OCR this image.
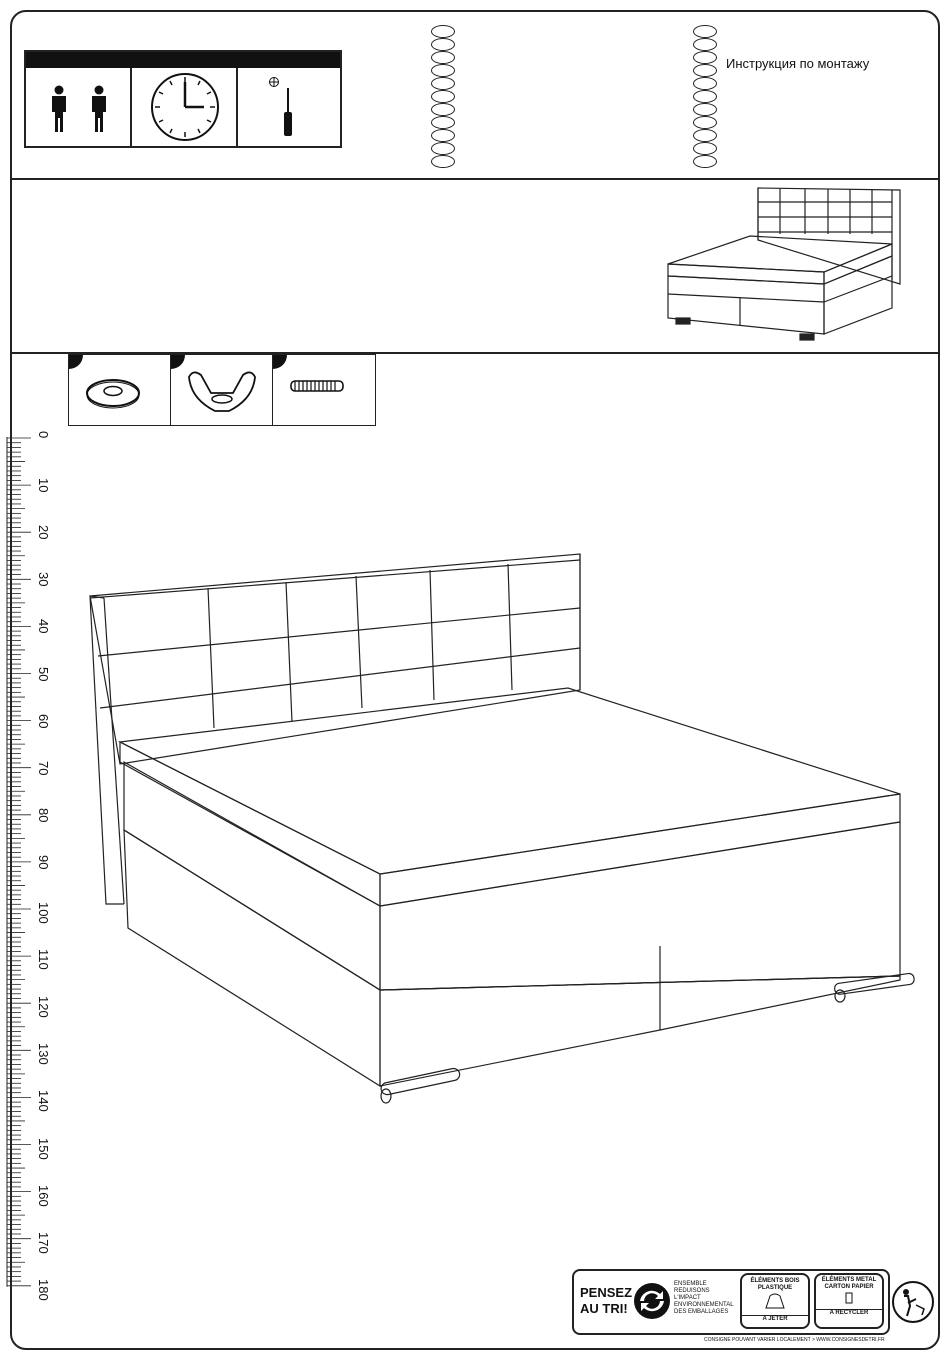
Инструкция по монтажу
0
10
20
30
40
50
60
70
80
90
100
110
120
130
140
150
160
170
180	PENSEZ
AU TRI!
ENSEMBLE
REDUISONS L'IMPACT
ENVIRONNEMENTAL
DES EMBALLAGES
ÉLÉMENTS BOIS PLASTIQUE
A JETER
ÉLÉMENTS METAL CARTON PAPIER
A RECYCLER
CONSIGNE POUVANT VARIER LOCALEMENT > WWW.CONSIGNESDETRI.FR
